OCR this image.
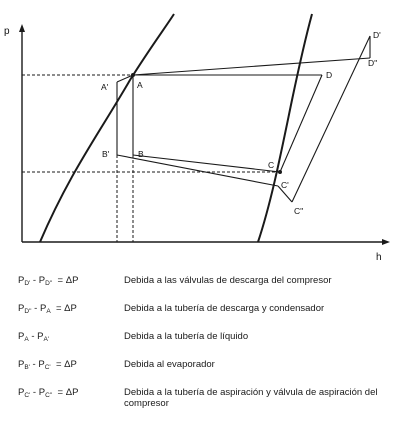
p
h
A'	A
B'	B
C
C'
C''
D
D'
D''
$P_{D'} - P_{D''} = \Delta P$	Debida a las válvulas de descarga del compresor
$P_{D''} - P_A = \Delta P$	Debida a la tubería de descarga y condensador
$P_A - P_{A'}$	Debida a la tubería de líquido
$P_{B'} - P_{C'} = \Delta P$	Debida al evaporador
$P_{C'} - P_{C''} = \Delta P$	Debida a la tubería de aspiración y válvula de aspiración del compresor
